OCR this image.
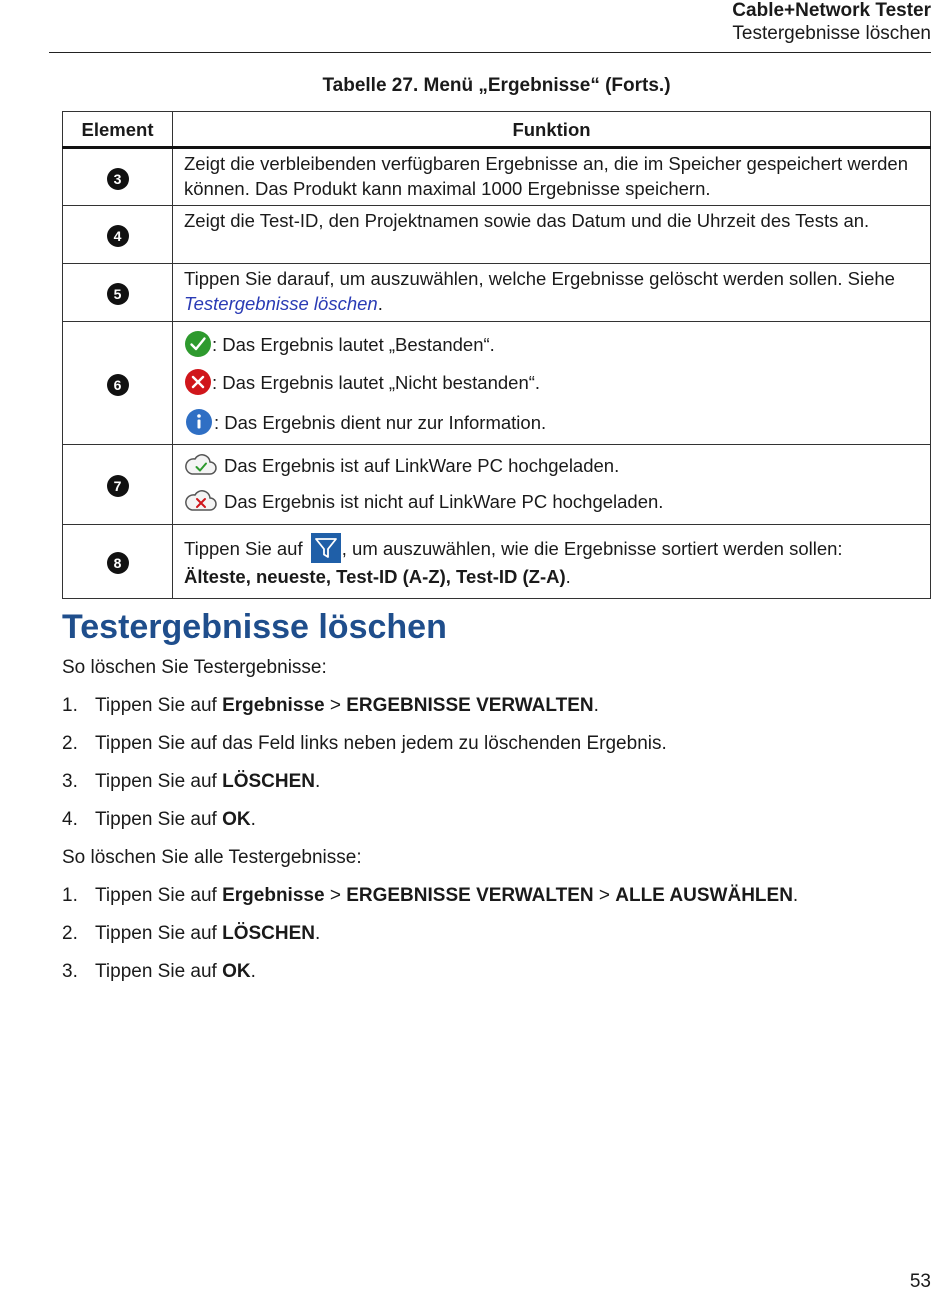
Cable+Network Tester
Testergebnisse löschen
Tabelle 27. Menü „Ergebnisse“ (Forts.)
Element	Funktion
3	Zeigt die verbleibenden verfügbaren Ergebnisse an, die im Speicher gespeichert werden können. Das Produkt kann maximal 1000 Ergebnisse speichern.
4	Zeigt die Test-ID, den Projektnamen sowie das Datum und die Uhrzeit des Tests an.
5	Tippen Sie darauf, um auszuwählen, welche Ergebnisse gelöscht werden sollen. Siehe Testergebnisse löschen.
6	: Das Ergebnis lautet „Bestanden“.
: Das Ergebnis lautet „Nicht bestanden“.
: Das Ergebnis dient nur zur Information.

7	Das Ergebnis ist auf LinkWare PC hochgeladen.
Das Ergebnis ist nicht auf LinkWare PC hochgeladen.

8	Tippen Sie auf , um auszuwählen, wie die Ergebnisse sortiert werden sollen:
Älteste, neueste, Test-ID (A-Z), Test-ID (Z-A).
Testergebnisse löschen
So löschen Sie Testergebnisse:
1. Tippen Sie auf Ergebnisse > ERGEBNISSE VERWALTEN.
2. Tippen Sie auf das Feld links neben jedem zu löschenden Ergebnis.
3. Tippen Sie auf LÖSCHEN.
4. Tippen Sie auf OK.
So löschen Sie alle Testergebnisse:
1. Tippen Sie auf Ergebnisse > ERGEBNISSE VERWALTEN > ALLE AUSWÄHLEN.
2. Tippen Sie auf LÖSCHEN.
3. Tippen Sie auf OK.
53
